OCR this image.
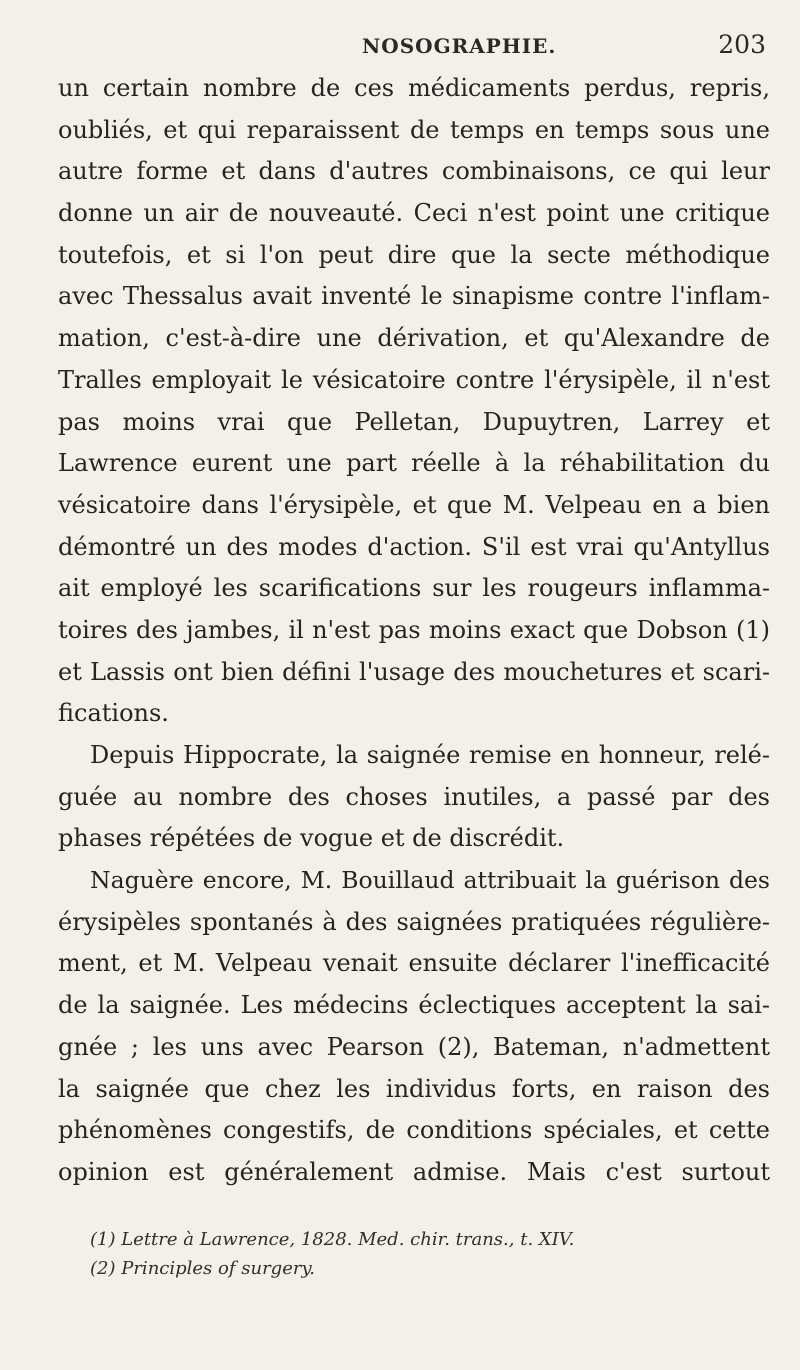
NOSOGRAPHIE.	203
un certain nombre de ces médicaments perdus, repris,
oubliés, et qui reparaissent de temps en temps sous une
autre forme et dans d'autres combinaisons, ce qui leur
donne un air de nouveauté. Ceci n'est point une critique
toutefois, et si l'on peut dire que la secte méthodique
avec Thessalus avait inventé le sinapisme contre l'inflam-
mation, c'est-à-dire une dérivation, et qu'Alexandre de
Tralles employait le vésicatoire contre l'érysipèle, il n'est
pas moins vrai que Pelletan, Dupuytren, Larrey et
Lawrence eurent une part réelle à la réhabilitation du
vésicatoire dans l'érysipèle, et que M. Velpeau en a bien
démontré un des modes d'action. S'il est vrai qu'Antyllus
ait employé les scarifications sur les rougeurs inflamma-
toires des jambes, il n'est pas moins exact que Dobson (1)
et Lassis ont bien défini l'usage des mouchetures et scari-
fications.
Depuis Hippocrate, la saignée remise en honneur, relé-
guée au nombre des choses inutiles, a passé par des
phases répétées de vogue et de discrédit.
Naguère encore, M. Bouillaud attribuait la guérison des
érysipèles spontanés à des saignées pratiquées régulière-
ment, et M. Velpeau venait ensuite déclarer l'inefficacité
de la saignée. Les médecins éclectiques acceptent la sai-
gnée ; les uns avec Pearson (2), Bateman, n'admettent
la saignée que chez les individus forts, en raison des
phénomènes congestifs, de conditions spéciales, et cette
opinion est généralement admise. Mais c'est surtout
(1) Lettre à Lawrence, 1828. Med. chir. trans., t. XIV.
(2) Principles of surgery.
